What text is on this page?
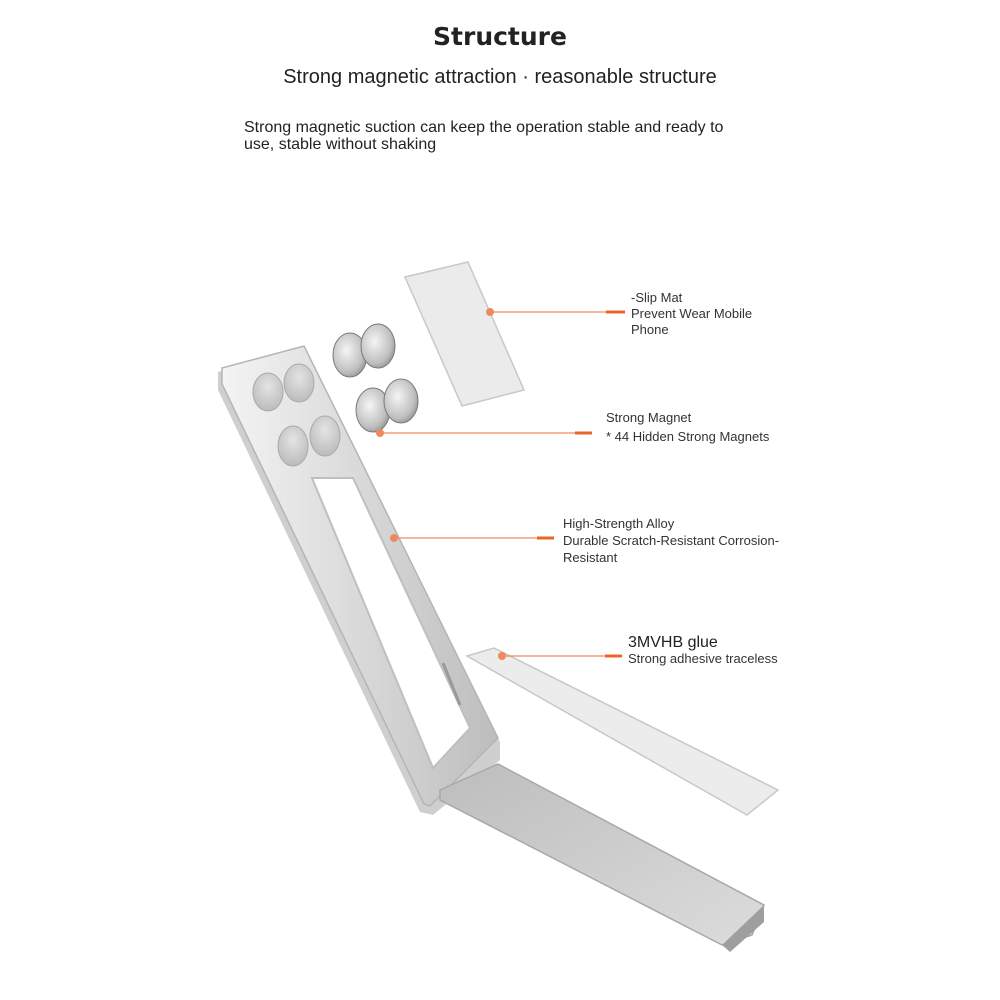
Structure
Strong magnetic attraction · reasonable structure
Strong magnetic suction can keep the operation stable and ready to
use, stable without shaking
-Slip Mat
Prevent Wear Mobile
Phone
Strong Magnet
* 44 Hidden Strong Magnets
High-Strength Alloy
Durable Scratch-Resistant Corrosion-
Resistant
3MVHB glue
Strong adhesive traceless
